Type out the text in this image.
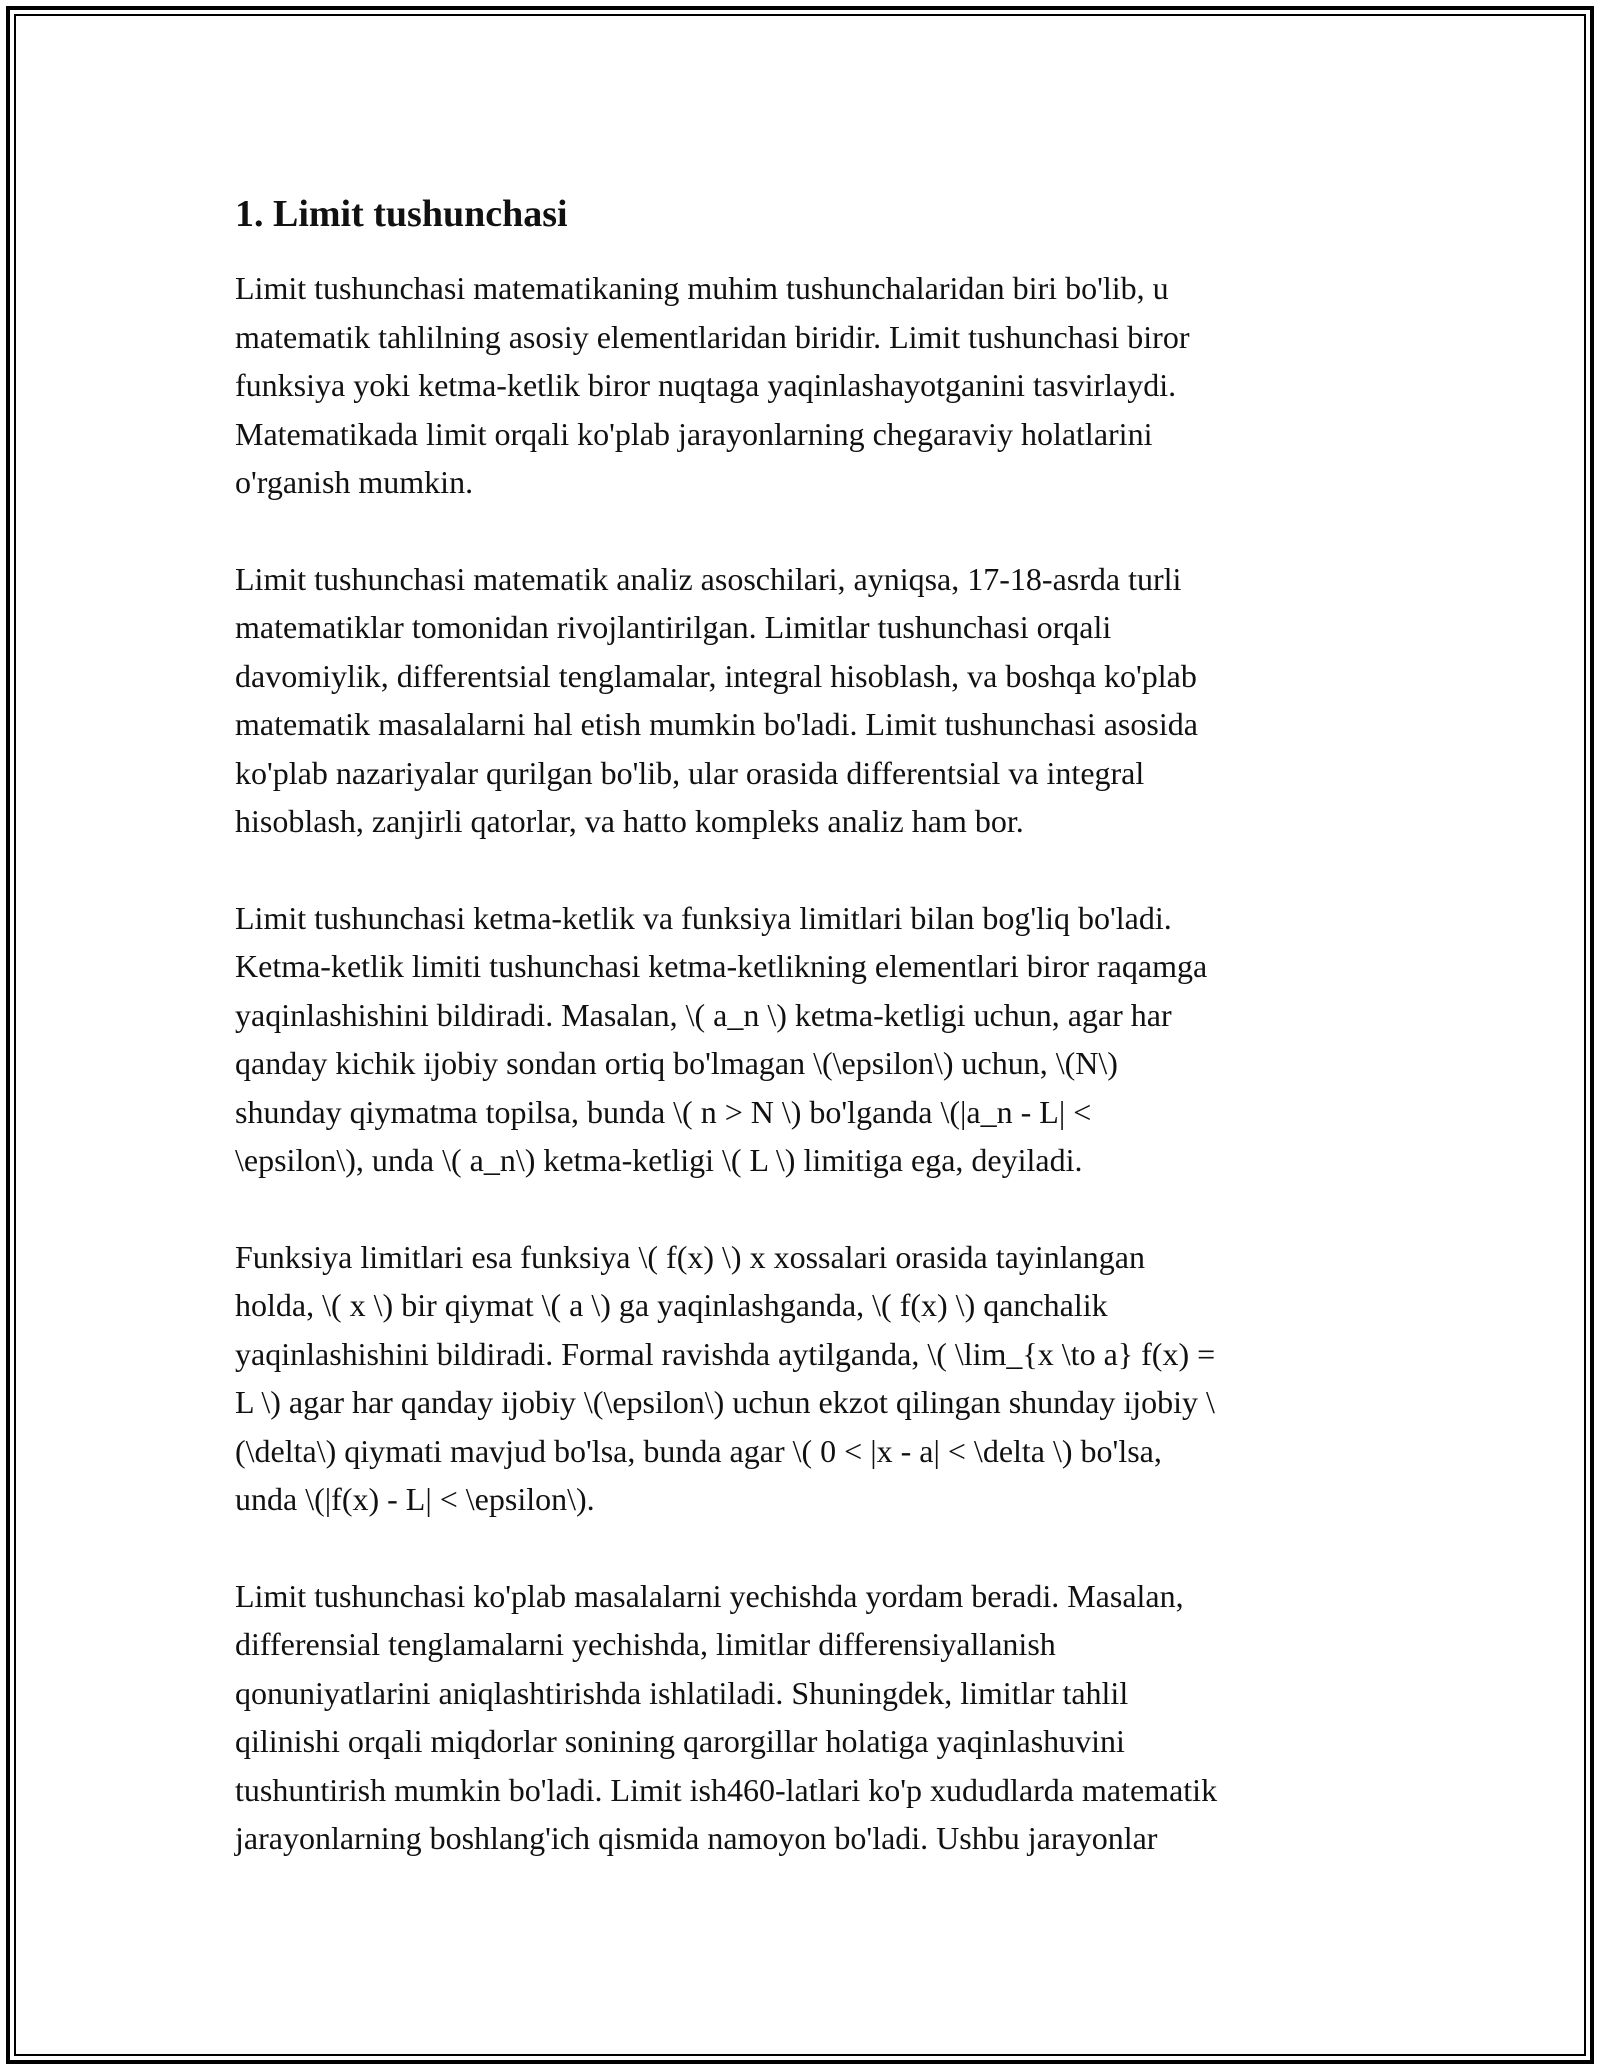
1. Limit tushunchasi

Limit tushunchasi matematikaning muhim tushunchalaridan biri bo'lib, u
matematik tahlilning asosiy elementlaridan biridir. Limit tushunchasi biror
funksiya yoki ketma-ketlik biror nuqtaga yaqinlashayotganini tasvirlaydi.
Matematikada limit orqali ko'plab jarayonlarning chegaraviy holatlarini
o'rganish mumkin.

Limit tushunchasi matematik analiz asoschilari, ayniqsa, 17-18-asrda turli
matematiklar tomonidan rivojlantirilgan. Limitlar tushunchasi orqali
davomiylik, differentsial tenglamalar, integral hisoblash, va boshqa ko'plab
matematik masalalarni hal etish mumkin bo'ladi. Limit tushunchasi asosida
ko'plab nazariyalar qurilgan bo'lib, ular orasida differentsial va integral
hisoblash, zanjirli qatorlar, va hatto kompleks analiz ham bor.

Limit tushunchasi ketma-ketlik va funksiya limitlari bilan bog'liq bo'ladi.
Ketma-ketlik limiti tushunchasi ketma-ketlikning elementlari biror raqamga
yaqinlashishini bildiradi. Masalan, \( a_n \) ketma-ketligi uchun, agar har
qanday kichik ijobiy sondan ortiq bo'lmagan \(\epsilon\) uchun, \(N\)
shunday qiymatma topilsa, bunda \( n > N \) bo'lganda \(|a_n - L| <
\epsilon\), unda \( a_n\) ketma-ketligi \( L \) limitiga ega, deyiladi.

Funksiya limitlari esa funksiya \( f(x) \) x xossalari orasida tayinlangan
holda, \( x \) bir qiymat \( a \) ga yaqinlashganda, \( f(x) \) qanchalik
yaqinlashishini bildiradi. Formal ravishda aytilganda, \( \lim_{x \to a} f(x) =
L \) agar har qanday ijobiy \(\epsilon\) uchun ekzot qilingan shunday ijobiy \
(\delta\) qiymati mavjud bo'lsa, bunda agar \( 0 < |x - a| < \delta \) bo'lsa,
unda \(|f(x) - L| < \epsilon\).

Limit tushunchasi ko'plab masalalarni yechishda yordam beradi. Masalan,
differensial tenglamalarni yechishda, limitlar differensiyallanish
qonuniyatlarini aniqlashtirishda ishlatiladi. Shuningdek, limitlar tahlil
qilinishi orqali miqdorlar sonining qarorgillar holatiga yaqinlashuvini
tushuntirish mumkin bo'ladi. Limit ish460-latlari ko'p xududlarda matematik
jarayonlarning boshlang'ich qismida namoyon bo'ladi. Ushbu jarayonlar
